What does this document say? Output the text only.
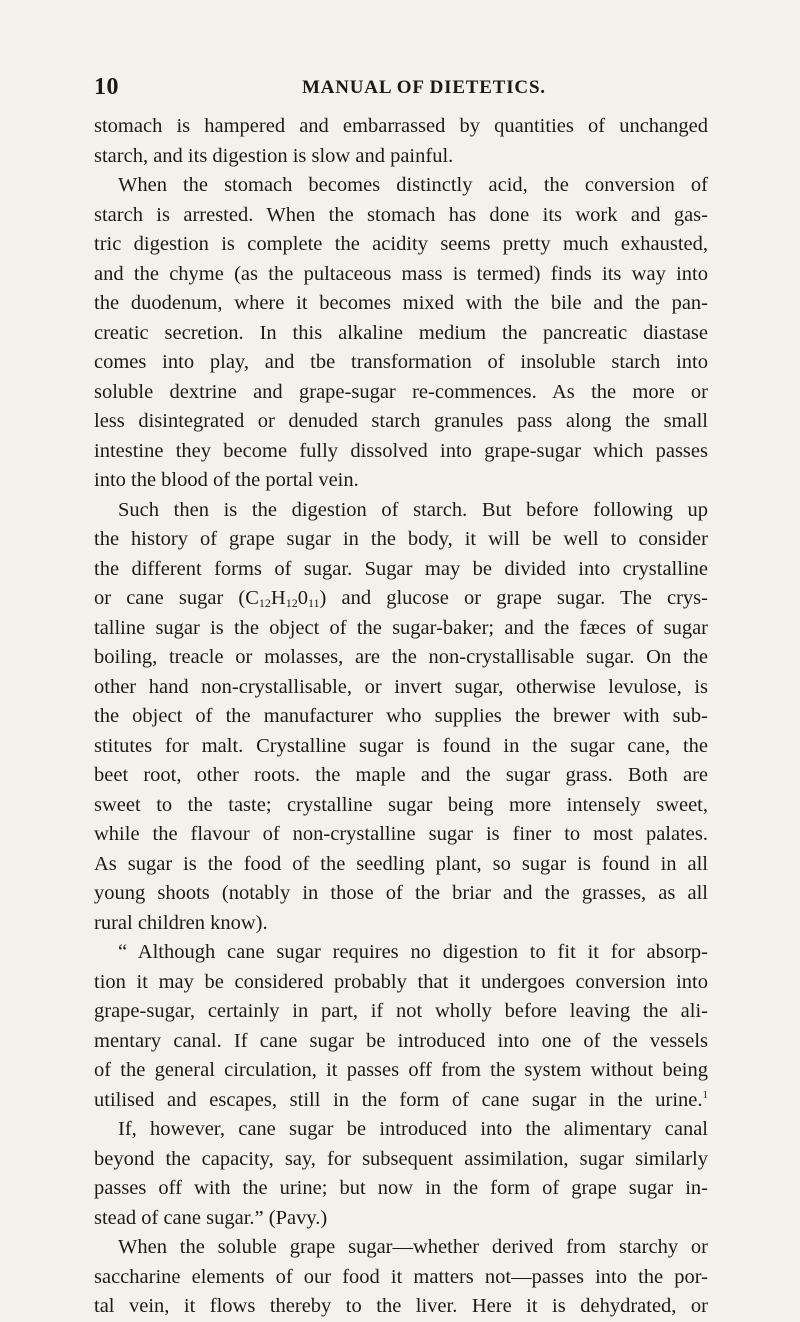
10	MANUAL OF DIETETICS.
stomach is hampered and embarrassed by quantities of unchanged
starch, and its digestion is slow and painful.
When the stomach becomes distinctly acid, the conversion of
starch is arrested. When the stomach has done its work and gas-
tric digestion is complete the acidity seems pretty much exhausted,
and the chyme (as the pultaceous mass is termed) finds its way into
the duodenum, where it becomes mixed with the bile and the pan-
creatic secretion. In this alkaline medium the pancreatic diastase
comes into play, and tbe transformation of insoluble starch into
soluble dextrine and grape-sugar re-commences. As the more or
less disintegrated or denuded starch granules pass along the small
intestine they become fully dissolved into grape-sugar which passes
into the blood of the portal vein.
Such then is the digestion of starch. But before following up
the history of grape sugar in the body, it will be well to consider
the different forms of sugar. Sugar may be divided into crystalline
or cane sugar $(C_{12}H_{12}0_{11})$ and glucose or grape sugar. The crys-
talline sugar is the object of the sugar-baker; and the fæces of sugar
boiling, treacle or molasses, are the non-crystallisable sugar. On the
other hand non-crystallisable, or invert sugar, otherwise levulose, is
the object of the manufacturer who supplies the brewer with sub-
stitutes for malt. Crystalline sugar is found in the sugar cane, the
beet root, other roots. the maple and the sugar grass. Both are
sweet to the taste; crystalline sugar being more intensely sweet,
while the flavour of non-crystalline sugar is finer to most palates.
As sugar is the food of the seedling plant, so sugar is found in all
young shoots (notably in those of the briar and the grasses, as all
rural children know).
“ Although cane sugar requires no digestion to fit it for absorp-
tion it may be considered probably that it undergoes conversion into
grape-sugar, certainly in part, if not wholly before leaving the ali-
mentary canal. If cane sugar be introduced into one of the vessels
of the general circulation, it passes off from the system without being
utilised and escapes, still in the form of cane sugar in the urine.$^1$
If, however, cane sugar be introduced into the alimentary canal
beyond the capacity, say, for subsequent assimilation, sugar similarly
passes off with the urine; but now in the form of grape sugar in-
stead of cane sugar.” (Pavy.)
When the soluble grape sugar—whether derived from starchy or
saccharine elements of our food it matters not—passes into the por-
tal vein, it flows thereby to the liver. Here it is dehydrated, or
